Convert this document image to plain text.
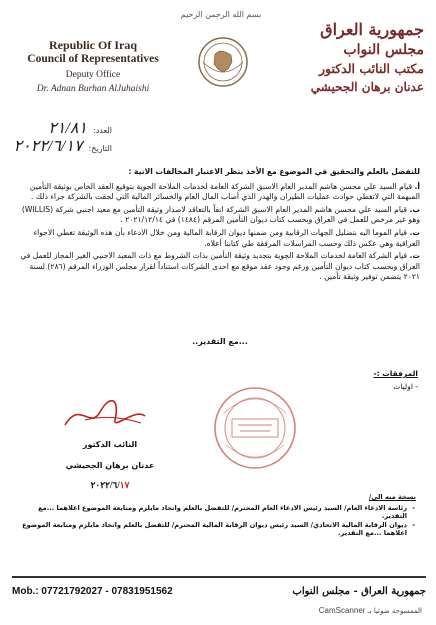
Republic Of Iraq
Council of Representatives
Deputy Office
Dr. Adnan Burhan AlJuhaishi
بسم الله الرحمن الرحيم
جمهورية العراق
مجلس النواب
مكتب النائب الدكتور
عدنان برهان الجحيشي
العدد:
٢١/٨١
التاريخ:
٢٠٢٢/٦/١٧
للتفضل بالعلم والتحقيق في الموضوع مع الأخذ بنظر الاعتبار المخالفات الاتية :
أ. قيام السيد علي محسن هاشم المدير العام الاسبق الشركة العامة لخدمات الملاحة الجوية بتوقيع العقد الخاص بوثيقة التأمين المبهمة التي لاتغطي حوادث عمليات الطيران والهدر الذي أصاب المال العام والخسائر المالية التي لحقت بالشركة جراء ذلك .
ب. قيام السيد علي محسن هاشم المدير العام الاسبق الشركة انفاً بالتعاقد لاصدار وثيقة التأمين مع معيد اجنبي شركة (WILLIS) وهو غير مرخص للعمل في العراق وبحسب كتاب ديوان التأمين المرقم (١٤٨٤) في ٢٠٢١/١٢/١٤ .
ت. قيام الموما اليه بتضليل الجهات الرقابية ومن ضمنها ديوان الرقابة المالية ومن خلال الادعاء بأن هذه الوثيقة تغطي الاجواء العراقية وهي عكس ذلك وحسب المراسلات المرفقة طي كتابنا أعلاه.
ث. قيام الشركة العامة لخدمات الملاحة الجوية بتجديد وثيقة التأمين بذات الشروط مع ذات المعيد الاجنبي الغير المجاز للعمل في العراق وبحسب كتاب ديوان التأمين ورغم وجود عقد موقع مع احدى الشركات استناداً لقرار مجلس الوزراء المرقم (٢٨٦) لسنة ٢٠٢١ يتضمن توفير وثيقة تأمين .
...مع التقدير..
المرفقات :-
- اوليات
النائب الدكتور
عدنان برهان الجحيشي
٢٠٢٢/٦/١٧
نسخة منه الى/
- رئاسة الادعاء العام/ السيد رئيس الادعاء العام المحترم/ للتفضل بالعلم واتخاذ مايلزم ومتابعة الموضوع اعلاهما ...مع التقدير.
- ديوان الرقابة المالية الاتحادي/ السيد رئيس ديوان الرقابة المالية المحترم/ للتفضل بالعلم واتخاذ مايلزم ومتابعة الموضوع اعلاهما ...مع التقدير.
Mob.: 07721792027 - 07831951562	جمهورية العراق - مجلس النواب
الممسوحة ضوئيا بـ CamScanner
